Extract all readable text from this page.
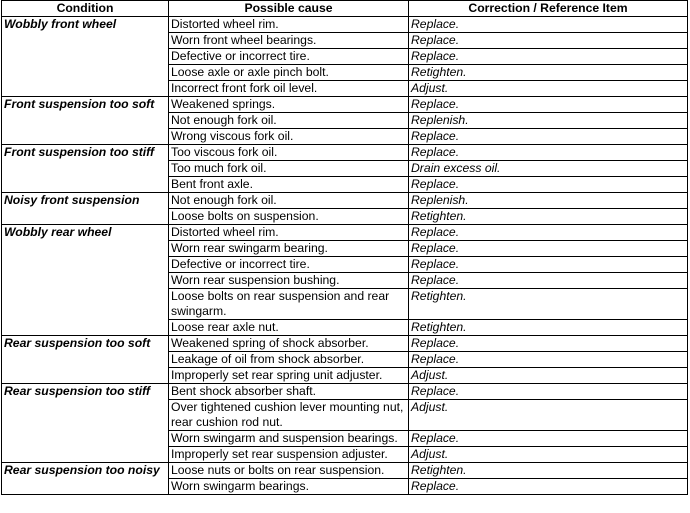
Condition	Possible cause	Correction / Reference Item
Wobbly front wheel	Distorted wheel rim.	Replace.
	Worn front wheel bearings.	Replace.
	Defective or incorrect tire.	Replace.
	Loose axle or axle pinch bolt.	Retighten.
	Incorrect front fork oil level.	Adjust.
Front suspension too soft	Weakened springs.	Replace.
	Not enough fork oil.	Replenish.
	Wrong viscous fork oil.	Replace.
Front suspension too stiff	Too viscous fork oil.	Replace.
	Too much fork oil.	Drain excess oil.
	Bent front axle.	Replace.
Noisy front suspension	Not enough fork oil.	Replenish.
	Loose bolts on suspension.	Retighten.
Wobbly rear wheel	Distorted wheel rim.	Replace.
	Worn rear swingarm bearing.	Replace.
	Defective or incorrect tire.	Replace.
	Worn rear suspension bushing.	Replace.
	Loose bolts on rear suspension and rear swingarm.	Retighten.
	Loose rear axle nut.	Retighten.
Rear suspension too soft	Weakened spring of shock absorber.	Replace.
	Leakage of oil from shock absorber.	Replace.
	Improperly set rear spring unit adjuster.	Adjust.
Rear suspension too stiff	Bent shock absorber shaft.	Replace.
	Over tightened cushion lever mounting nut, rear cushion rod nut.	Adjust.
	Worn swingarm and suspension bearings.	Replace.
	Improperly set rear suspension adjuster.	Adjust.
Rear suspension too noisy	Loose nuts or bolts on rear suspension.	Retighten.
	Worn swingarm bearings.	Replace.
